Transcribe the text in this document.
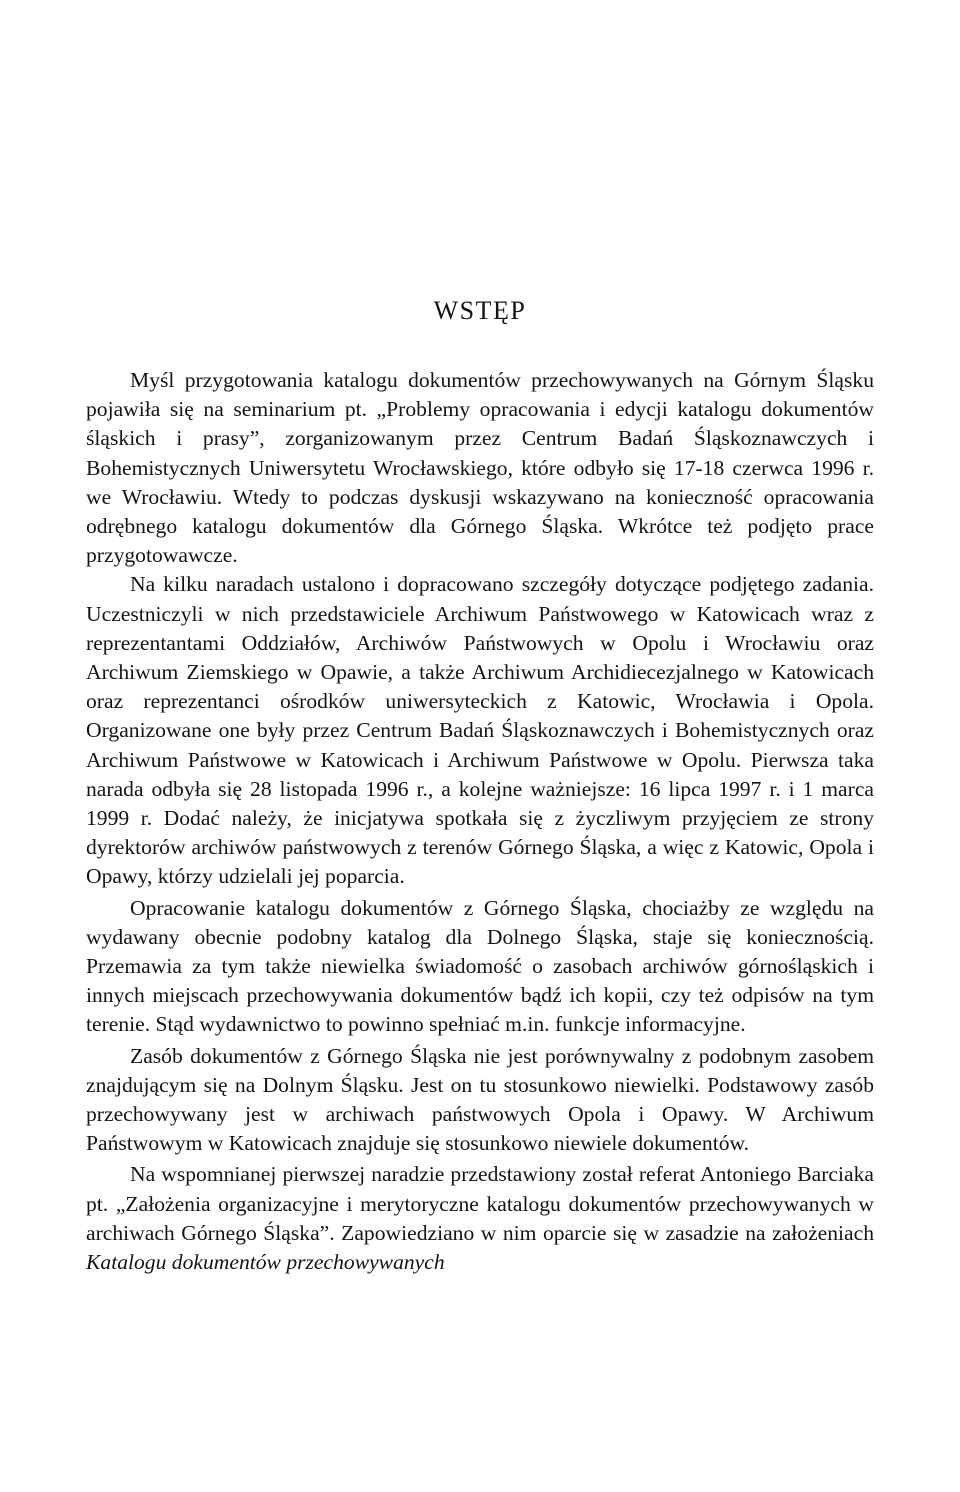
WSTĘP

Myśl przygotowania katalogu dokumentów przechowywanych na Górnym Śląsku pojawiła się na seminarium pt. „Problemy opracowania i edycji katalogu dokumentów śląskich i prasy”, zorganizowanym przez Centrum Badań Śląskoznawczych i Bohemistycznych Uniwersytetu Wrocławskiego, które odbyło się 17-18 czerwca 1996 r. we Wrocławiu. Wtedy to podczas dyskusji wskazywano na konieczność opracowania odrębnego katalogu dokumentów dla Górnego Śląska. Wkrótce też podjęto prace przygotowawcze.

Na kilku naradach ustalono i dopracowano szczegóły dotyczące podjętego zadania. Uczestniczyli w nich przedstawiciele Archiwum Państwowego w Katowicach wraz z reprezentantami Oddziałów, Archiwów Państwowych w Opolu i Wrocławiu oraz Archiwum Ziemskiego w Opawie, a także Archiwum Archidiecezjalnego w Katowicach oraz reprezentanci ośrodków uniwersyteckich z Katowic, Wrocławia i Opola. Organizowane one były przez Centrum Badań Śląskoznawczych i Bohemistycznych oraz Archiwum Państwowe w Katowicach i Archiwum Państwowe w Opolu. Pierwsza taka narada odbyła się 28 listopada 1996 r., a kolejne ważniejsze: 16 lipca 1997 r. i 1 marca 1999 r. Dodać należy, że inicjatywa spotkała się z życzliwym przyjęciem ze strony dyrektorów archiwów państwowych z terenów Górnego Śląska, a więc z Katowic, Opola i Opawy, którzy udzielali jej poparcia.

Opracowanie katalogu dokumentów z Górnego Śląska, chociażby ze względu na wydawany obecnie podobny katalog dla Dolnego Śląska, staje się koniecznością. Przemawia za tym także niewielka świadomość o zasobach archiwów górnośląskich i innych miejscach przechowywania dokumentów bądź ich kopii, czy też odpisów na tym terenie. Stąd wydawnictwo to powinno spełniać m.in. funkcje informacyjne.

Zasób dokumentów z Górnego Śląska nie jest porównywalny z podobnym zasobem znajdującym się na Dolnym Śląsku. Jest on tu stosunkowo niewielki. Podstawowy zasób przechowywany jest w archiwach państwowych Opola i Opawy. W Archiwum Państwowym w Katowicach znajduje się stosunkowo niewiele dokumentów.

Na wspomnianej pierwszej naradzie przedstawiony został referat Antoniego Barciaka pt. „Założenia organizacyjne i merytoryczne katalogu dokumentów przechowywanych w archiwach Górnego Śląska”. Zapowiedziano w nim oparcie się w zasadzie na założeniach Katalogu dokumentów przechowywanych
